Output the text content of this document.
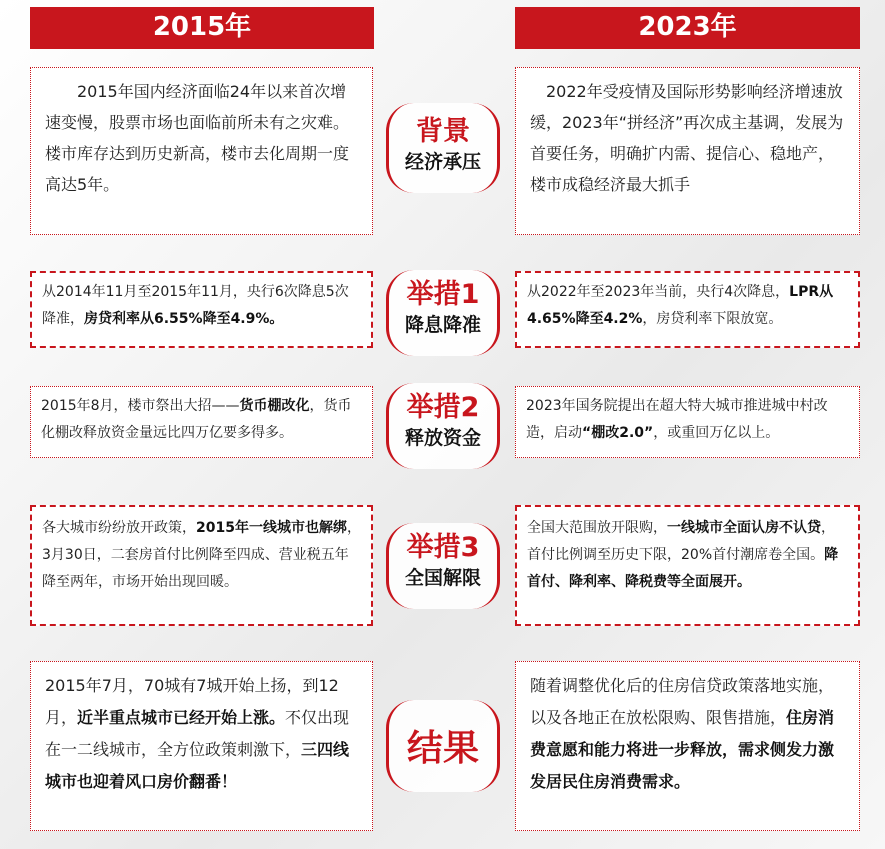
2015年	2023年
2015年国内经济面临24年以来首次增速变慢，股票市场也面临前所未有之灾难。楼市库存达到历史新高，楼市去化周期一度高达5年。
背景
经济承压
2022年受疫情及国际形势影响经济增速放缓，2023年“拼经济”再次成主基调，发展为首要任务，明确扩内需、提信心、稳地产，楼市成稳经济最大抓手
从2014年11月至2015年11月，央行6次降息5次降准，房贷利率从6.55%降至4.9%。
举措1
降息降准
从2022年至2023年当前，央行4次降息，LPR从4.65%降至4.2%，房贷利率下限放宽。
2015年8月，楼市祭出大招——货币棚改化，货币化棚改释放资金量远比四万亿要多得多。
举措2
释放资金
2023年国务院提出在超大特大城市推进城中村改造，启动“棚改2.0”，或重回万亿以上。
各大城市纷纷放开政策，2015年一线城市也解绑，3月30日，二套房首付比例降至四成、营业税五年降至两年，市场开始出现回暖。
举措3
全国解限
全国大范围放开限购，一线城市全面认房不认贷，首付比例调至历史下限，20%首付潮席卷全国。降首付、降利率、降税费等全面展开。
2015年7月，70城有7城开始上扬，到12月，近半重点城市已经开始上涨。不仅出现在一二线城市，全方位政策刺激下，三四线城市也迎着风口房价翻番！
结果
随着调整优化后的住房信贷政策落地实施，以及各地正在放松限购、限售措施，住房消费意愿和能力将进一步释放，需求侧发力激发居民住房消费需求。
